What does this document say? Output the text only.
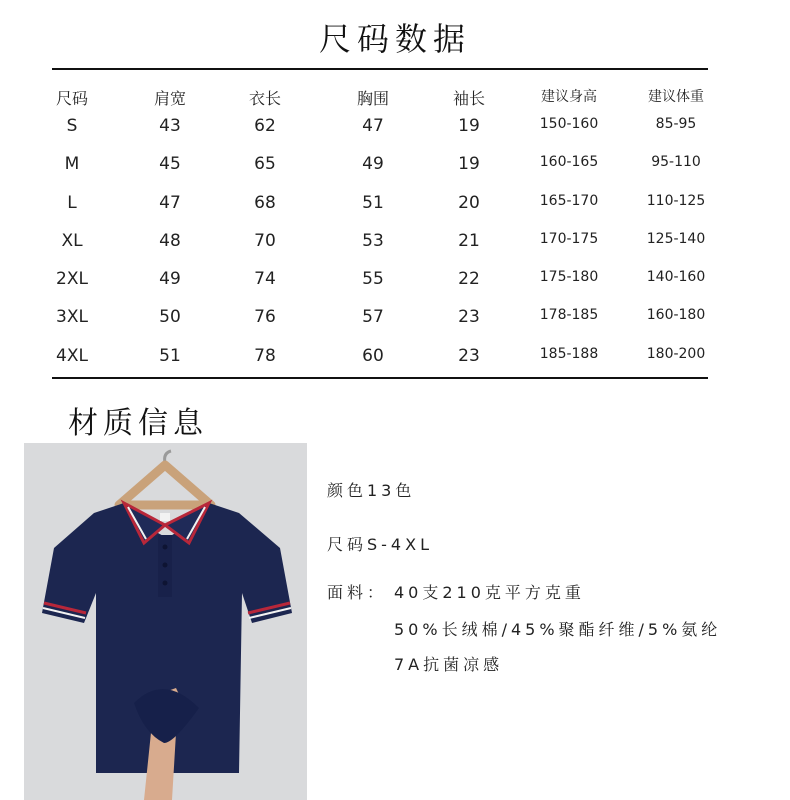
尺码数据
尺码	肩宽	衣长	胸围	袖长	建议身高	建议体重
S	43	62	47	19	150-160	85-95
M	45	65	49	19	160-165	95-110
L	47	68	51	20	165-170	110-125
XL	48	70	53	21	170-175	125-140
2XL	49	74	55	22	175-180	140-160
3XL	50	76	57	23	178-185	160-180
4XL	51	78	60	23	185-188	180-200
材质信息
颜色13色
尺码S-4XL
面料： 40支210克平方克重
50%长绒棉/45%聚酯纤维/5%氨纶
7A抗菌凉感
